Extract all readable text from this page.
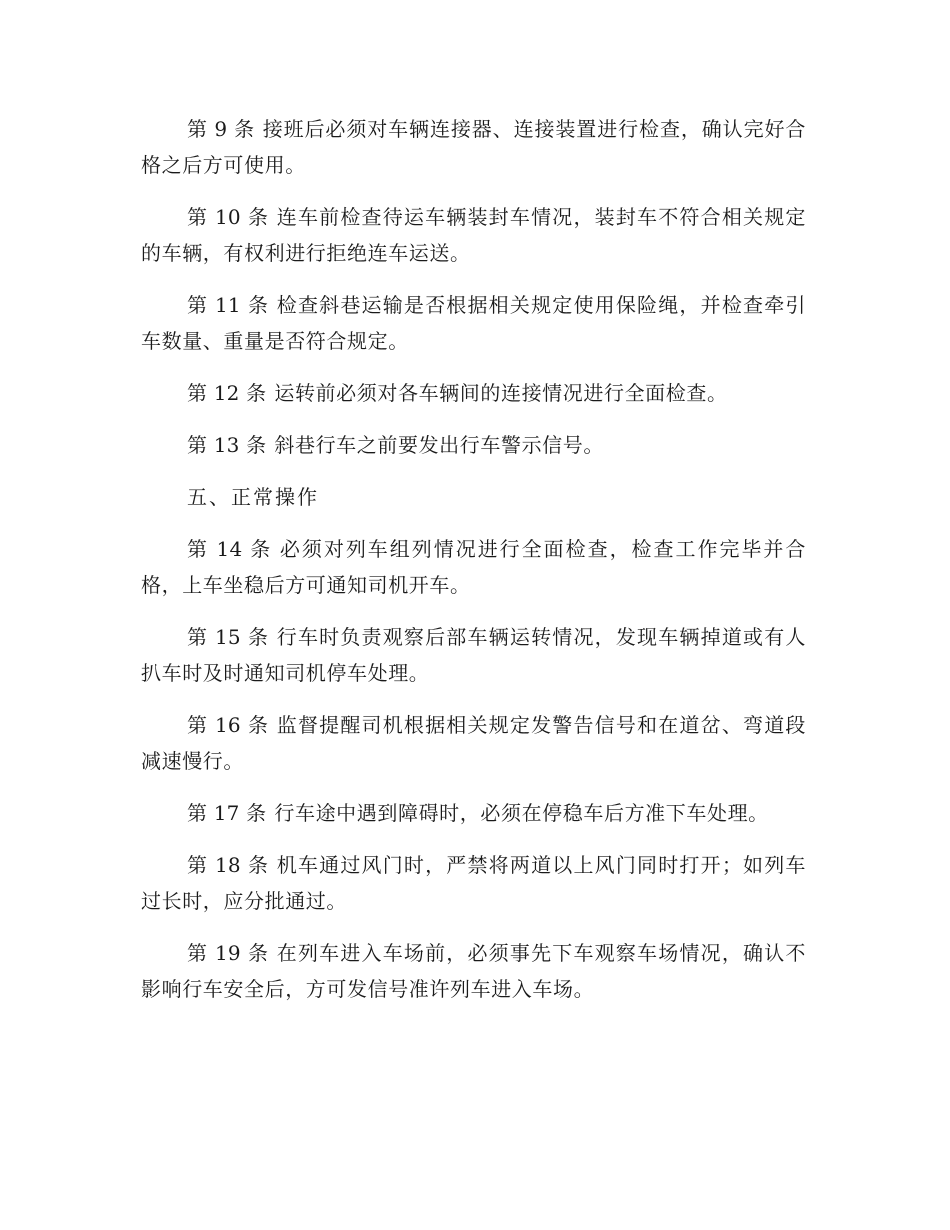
第 9 条 接班后必须对车辆连接器、连接装置进行检查，确认完好合格之后方可使用。

第 10 条 连车前检查待运车辆装封车情况，装封车不符合相关规定的车辆，有权利进行拒绝连车运送。

第 11 条 检查斜巷运输是否根据相关规定使用保险绳，并检查牵引车数量、重量是否符合规定。

第 12 条 运转前必须对各车辆间的连接情况进行全面检查。

第 13 条 斜巷行车之前要发出行车警示信号。

五、正常操作

第 14 条 必须对列车组列情况进行全面检查，检查工作完毕并合格，上车坐稳后方可通知司机开车。

第 15 条 行车时负责观察后部车辆运转情况，发现车辆掉道或有人扒车时及时通知司机停车处理。

第 16 条 监督提醒司机根据相关规定发警告信号和在道岔、弯道段减速慢行。

第 17 条 行车途中遇到障碍时，必须在停稳车后方准下车处理。

第 18 条 机车通过风门时，严禁将两道以上风门同时打开；如列车过长时，应分批通过。

第 19 条 在列车进入车场前，必须事先下车观察车场情况，确认不影响行车安全后，方可发信号准许列车进入车场。
